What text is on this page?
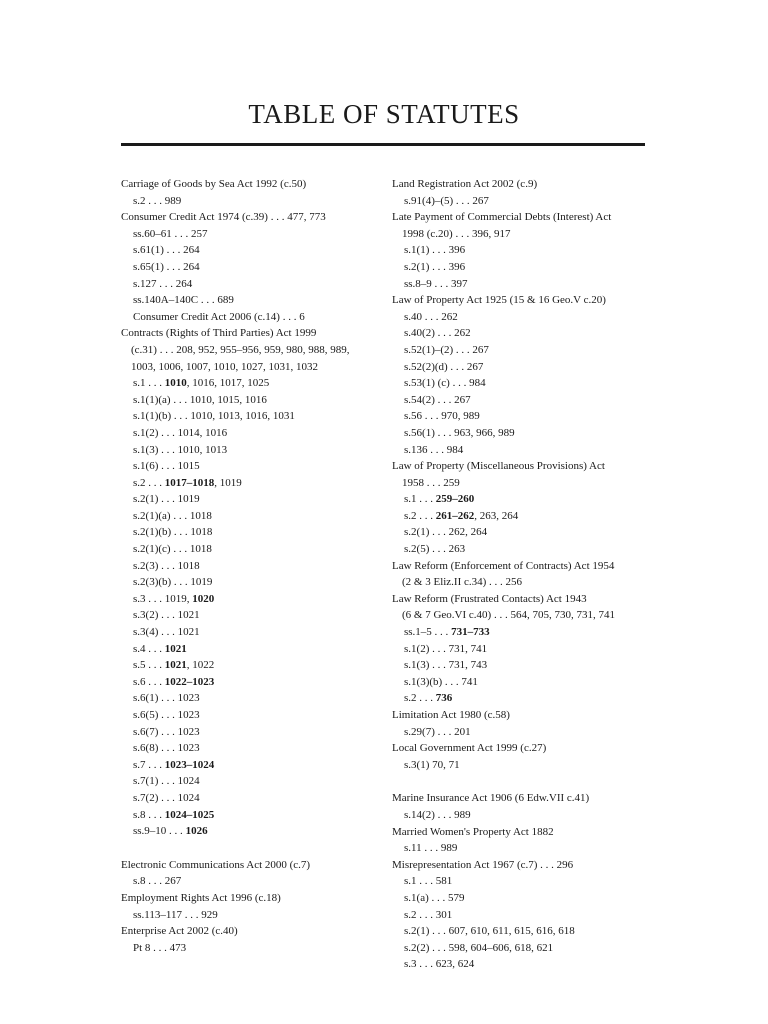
TABLE OF STATUTES
Carriage of Goods by Sea Act 1992 (c.50)
s.2 . . . 989
Consumer Credit Act 1974 (c.39) . . . 477, 773
ss.60–61 . . . 257
s.61(1) . . . 264
s.65(1) . . . 264
s.127 . . . 264
ss.140A–140C . . . 689
Consumer Credit Act 2006 (c.14) . . . 6
Contracts (Rights of Third Parties) Act 1999
(c.31) . . . 208, 952, 955–956, 959, 980, 988, 989,
1003, 1006, 1007, 1010, 1027, 1031, 1032
s.1 . . . 1010, 1016, 1017, 1025
s.1(1)(a) . . . 1010, 1015, 1016
s.1(1)(b) . . . 1010, 1013, 1016, 1031
s.1(2) . . . 1014, 1016
s.1(3) . . . 1010, 1013
s.1(6) . . . 1015
s.2 . . . 1017–1018, 1019
s.2(1) . . . 1019
s.2(1)(a) . . . 1018
s.2(1)(b) . . . 1018
s.2(1)(c) . . . 1018
s.2(3) . . . 1018
s.2(3)(b) . . . 1019
s.3 . . . 1019, 1020
s.3(2) . . . 1021
s.3(4) . . . 1021
s.4 . . . 1021
s.5 . . . 1021, 1022
s.6 . . . 1022–1023
s.6(1) . . . 1023
s.6(5) . . . 1023
s.6(7) . . . 1023
s.6(8) . . . 1023
s.7 . . . 1023–1024
s.7(1) . . . 1024
s.7(2) . . . 1024
s.8 . . . 1024–1025
ss.9–10 . . . 1026
Electronic Communications Act 2000 (c.7)
s.8 . . . 267
Employment Rights Act 1996 (c.18)
ss.113–117 . . . 929
Enterprise Act 2002 (c.40)
Pt 8 . . . 473
Land Registration Act 2002 (c.9)
s.91(4)–(5) . . . 267
Late Payment of Commercial Debts (Interest) Act
1998 (c.20) . . . 396, 917
s.1(1) . . . 396
s.2(1) . . . 396
ss.8–9 . . . 397
Law of Property Act 1925 (15 & 16 Geo.V c.20)
s.40 . . . 262
s.40(2) . . . 262
s.52(1)–(2) . . . 267
s.52(2)(d) . . . 267
s.53(1) (c) . . . 984
s.54(2) . . . 267
s.56 . . . 970, 989
s.56(1) . . . 963, 966, 989
s.136 . . . 984
Law of Property (Miscellaneous Provisions) Act
1958 . . . 259
s.1 . . . 259–260
s.2 . . . 261–262, 263, 264
s.2(1) . . . 262, 264
s.2(5) . . . 263
Law Reform (Enforcement of Contracts) Act 1954
(2 & 3 Eliz.II c.34) . . . 256
Law Reform (Frustrated Contacts) Act 1943
(6 & 7 Geo.VI c.40) . . . 564, 705, 730, 731, 741
ss.1–5 . . . 731–733
s.1(2) . . . 731, 741
s.1(3) . . . 731, 743
s.1(3)(b) . . . 741
s.2 . . . 736
Limitation Act 1980 (c.58)
s.29(7) . . . 201
Local Government Act 1999 (c.27)
s.3(1) 70, 71
Marine Insurance Act 1906 (6 Edw.VII c.41)
s.14(2) . . . 989
Married Women's Property Act 1882
s.11 . . . 989
Misrepresentation Act 1967 (c.7) . . . 296
s.1 . . . 581
s.1(a) . . . 579
s.2 . . . 301
s.2(1) . . . 607, 610, 611, 615, 616, 618
s.2(2) . . . 598, 604–606, 618, 621
s.3 . . . 623, 624
